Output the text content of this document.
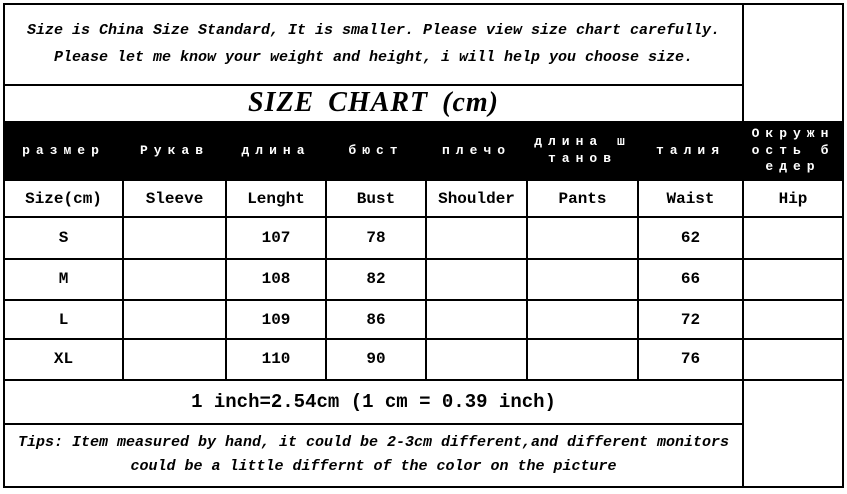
Size is China Size Standard, It is smaller. Please view size chart carefully.
Please let me know your weight and height, i will help you choose size.							

SIZE CHART (cm)							
размер	Рукав	длина	бюст	плечо	длина штанов	талия	Окружность бедер
Size(cm)	Sleeve	Lenght	Bust	Shoulder	Pants	Waist	Hip
S		107	78			62	
M		108	82			66	
L		109	86			72	
XL		110	90			76	
1 inch=2.54cm (1 cm = 0.39 inch)							
Tips: Item measured by hand, it could be 2-3cm different,and different monitors could be a little differnt of the color on the picture							
